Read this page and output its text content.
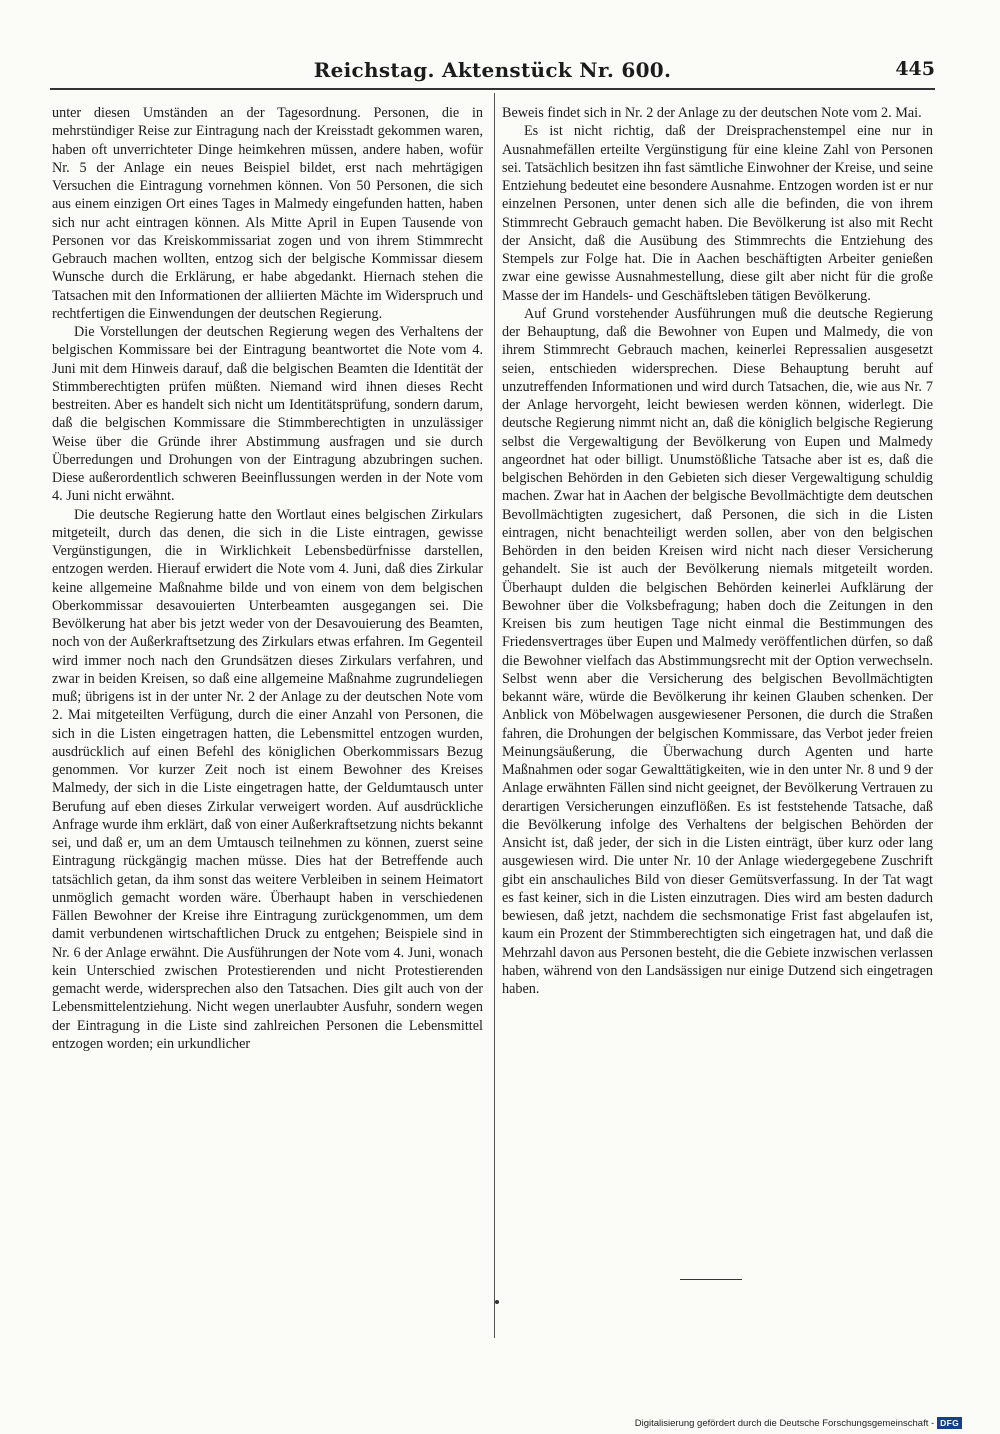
Reichstag. Aktenstück Nr. 600.	445

unter diesen Umständen an der Tagesordnung. Personen, die in mehrstündiger Reise zur Eintragung nach der Kreisstadt gekommen waren, haben oft unverrichteter Dinge heimkehren müssen, andere haben, wofür Nr. 5 der Anlage ein neues Beispiel bildet, erst nach mehrtägigen Versuchen die Eintragung vornehmen können. Von 50 Personen, die sich aus einem einzigen Ort eines Tages in Malmedy eingefunden hatten, haben sich nur acht eintragen können. Als Mitte April in Eupen Tausende von Personen vor das Kreiskommissariat zogen und von ihrem Stimmrecht Gebrauch machen wollten, entzog sich der belgische Kommissar diesem Wunsche durch die Erklärung, er habe abgedankt. Hiernach stehen die Tatsachen mit den Informationen der alliierten Mächte im Widerspruch und rechtfertigen die Einwendungen der deutschen Regierung.

Die Vorstellungen der deutschen Regierung wegen des Verhaltens der belgischen Kommissare bei der Eintragung beantwortet die Note vom 4. Juni mit dem Hinweis darauf, daß die belgischen Beamten die Identität der Stimmberechtigten prüfen müßten. Niemand wird ihnen dieses Recht bestreiten. Aber es handelt sich nicht um Identitätsprüfung, sondern darum, daß die belgischen Kommissare die Stimmberechtigten in unzulässiger Weise über die Gründe ihrer Abstimmung ausfragen und sie durch Überredungen und Drohungen von der Eintragung abzubringen suchen. Diese außerordentlich schweren Beeinflussungen werden in der Note vom 4. Juni nicht erwähnt.

Die deutsche Regierung hatte den Wortlaut eines belgischen Zirkulars mitgeteilt, durch das denen, die sich in die Liste eintragen, gewisse Vergünstigungen, die in Wirklichkeit Lebensbedürfnisse darstellen, entzogen werden. Hierauf erwidert die Note vom 4. Juni, daß dies Zirkular keine allgemeine Maßnahme bilde und von einem von dem belgischen Oberkommissar desavouierten Unterbeamten ausgegangen sei. Die Bevölkerung hat aber bis jetzt weder von der Desavouierung des Beamten, noch von der Außerkraftsetzung des Zirkulars etwas erfahren. Im Gegenteil wird immer noch nach den Grundsätzen dieses Zirkulars verfahren, und zwar in beiden Kreisen, so daß eine allgemeine Maßnahme zugrundeliegen muß; übrigens ist in der unter Nr. 2 der Anlage zu der deutschen Note vom 2. Mai mitgeteilten Verfügung, durch die einer Anzahl von Personen, die sich in die Listen eingetragen hatten, die Lebensmittel entzogen wurden, ausdrücklich auf einen Befehl des königlichen Oberkommissars Bezug genommen. Vor kurzer Zeit noch ist einem Bewohner des Kreises Malmedy, der sich in die Liste eingetragen hatte, der Geldumtausch unter Berufung auf eben dieses Zirkular verweigert worden. Auf ausdrückliche Anfrage wurde ihm erklärt, daß von einer Außerkraftsetzung nichts bekannt sei, und daß er, um an dem Umtausch teilnehmen zu können, zuerst seine Eintragung rückgängig machen müsse. Dies hat der Betreffende auch tatsächlich getan, da ihm sonst das weitere Verbleiben in seinem Heimatort unmöglich gemacht worden wäre. Überhaupt haben in verschiedenen Fällen Bewohner der Kreise ihre Eintragung zurückgenommen, um dem damit verbundenen wirtschaftlichen Druck zu entgehen; Beispiele sind in Nr. 6 der Anlage erwähnt. Die Ausführungen der Note vom 4. Juni, wonach kein Unterschied zwischen Protestierenden und nicht Protestierenden gemacht werde, widersprechen also den Tatsachen. Dies gilt auch von der Lebensmittelentziehung. Nicht wegen unerlaubter Ausfuhr, sondern wegen der Eintragung in die Liste sind zahlreichen Personen die Lebensmittel entzogen worden; ein urkundlicher

Beweis findet sich in Nr. 2 der Anlage zu der deutschen Note vom 2. Mai.

Es ist nicht richtig, daß der Dreisprachenstempel eine nur in Ausnahmefällen erteilte Vergünstigung für eine kleine Zahl von Personen sei. Tatsächlich besitzen ihn fast sämtliche Einwohner der Kreise, und seine Entziehung bedeutet eine besondere Ausnahme. Entzogen worden ist er nur einzelnen Personen, unter denen sich alle die befinden, die von ihrem Stimmrecht Gebrauch gemacht haben. Die Bevölkerung ist also mit Recht der Ansicht, daß die Ausübung des Stimmrechts die Entziehung des Stempels zur Folge hat. Die in Aachen beschäftigten Arbeiter genießen zwar eine gewisse Ausnahmestellung, diese gilt aber nicht für die große Masse der im Handels- und Geschäftsleben tätigen Bevölkerung.

Auf Grund vorstehender Ausführungen muß die deutsche Regierung der Behauptung, daß die Bewohner von Eupen und Malmedy, die von ihrem Stimmrecht Gebrauch machen, keinerlei Repressalien ausgesetzt seien, entschieden widersprechen. Diese Behauptung beruht auf unzutreffenden Informationen und wird durch Tatsachen, die, wie aus Nr. 7 der Anlage hervorgeht, leicht bewiesen werden können, widerlegt. Die deutsche Regierung nimmt nicht an, daß die königlich belgische Regierung selbst die Vergewaltigung der Bevölkerung von Eupen und Malmedy angeordnet hat oder billigt. Unumstößliche Tatsache aber ist es, daß die belgischen Behörden in den Gebieten sich dieser Vergewaltigung schuldig machen. Zwar hat in Aachen der belgische Bevollmächtigte dem deutschen Bevollmächtigten zugesichert, daß Personen, die sich in die Listen eintragen, nicht benachteiligt werden sollen, aber von den belgischen Behörden in den beiden Kreisen wird nicht nach dieser Versicherung gehandelt. Sie ist auch der Bevölkerung niemals mitgeteilt worden. Überhaupt dulden die belgischen Behörden keinerlei Aufklärung der Bewohner über die Volksbefragung; haben doch die Zeitungen in den Kreisen bis zum heutigen Tage nicht einmal die Bestimmungen des Friedensvertrages über Eupen und Malmedy veröffentlichen dürfen, so daß die Bewohner vielfach das Abstimmungsrecht mit der Option verwechseln. Selbst wenn aber die Versicherung des belgischen Bevollmächtigten bekannt wäre, würde die Bevölkerung ihr keinen Glauben schenken. Der Anblick von Möbelwagen ausgewiesener Personen, die durch die Straßen fahren, die Drohungen der belgischen Kommissare, das Verbot jeder freien Meinungsäußerung, die Überwachung durch Agenten und harte Maßnahmen oder sogar Gewalttätigkeiten, wie in den unter Nr. 8 und 9 der Anlage erwähnten Fällen sind nicht geeignet, der Bevölkerung Vertrauen zu derartigen Versicherungen einzuflößen. Es ist feststehende Tatsache, daß die Bevölkerung infolge des Verhaltens der belgischen Behörden der Ansicht ist, daß jeder, der sich in die Listen einträgt, über kurz oder lang ausgewiesen wird. Die unter Nr. 10 der Anlage wiedergegebene Zuschrift gibt ein anschauliches Bild von dieser Gemütsverfassung. In der Tat wagt es fast keiner, sich in die Listen einzutragen. Dies wird am besten dadurch bewiesen, daß jetzt, nachdem die sechsmonatige Frist fast abgelaufen ist, kaum ein Prozent der Stimmberechtigten sich eingetragen hat, und daß die Mehrzahl davon aus Personen besteht, die die Gebiete inzwischen verlassen haben, während von den Landsässigen nur einige Dutzend sich eingetragen haben.

Digitalisierung gefördert durch die Deutsche Forschungsgemeinschaft - DFG
